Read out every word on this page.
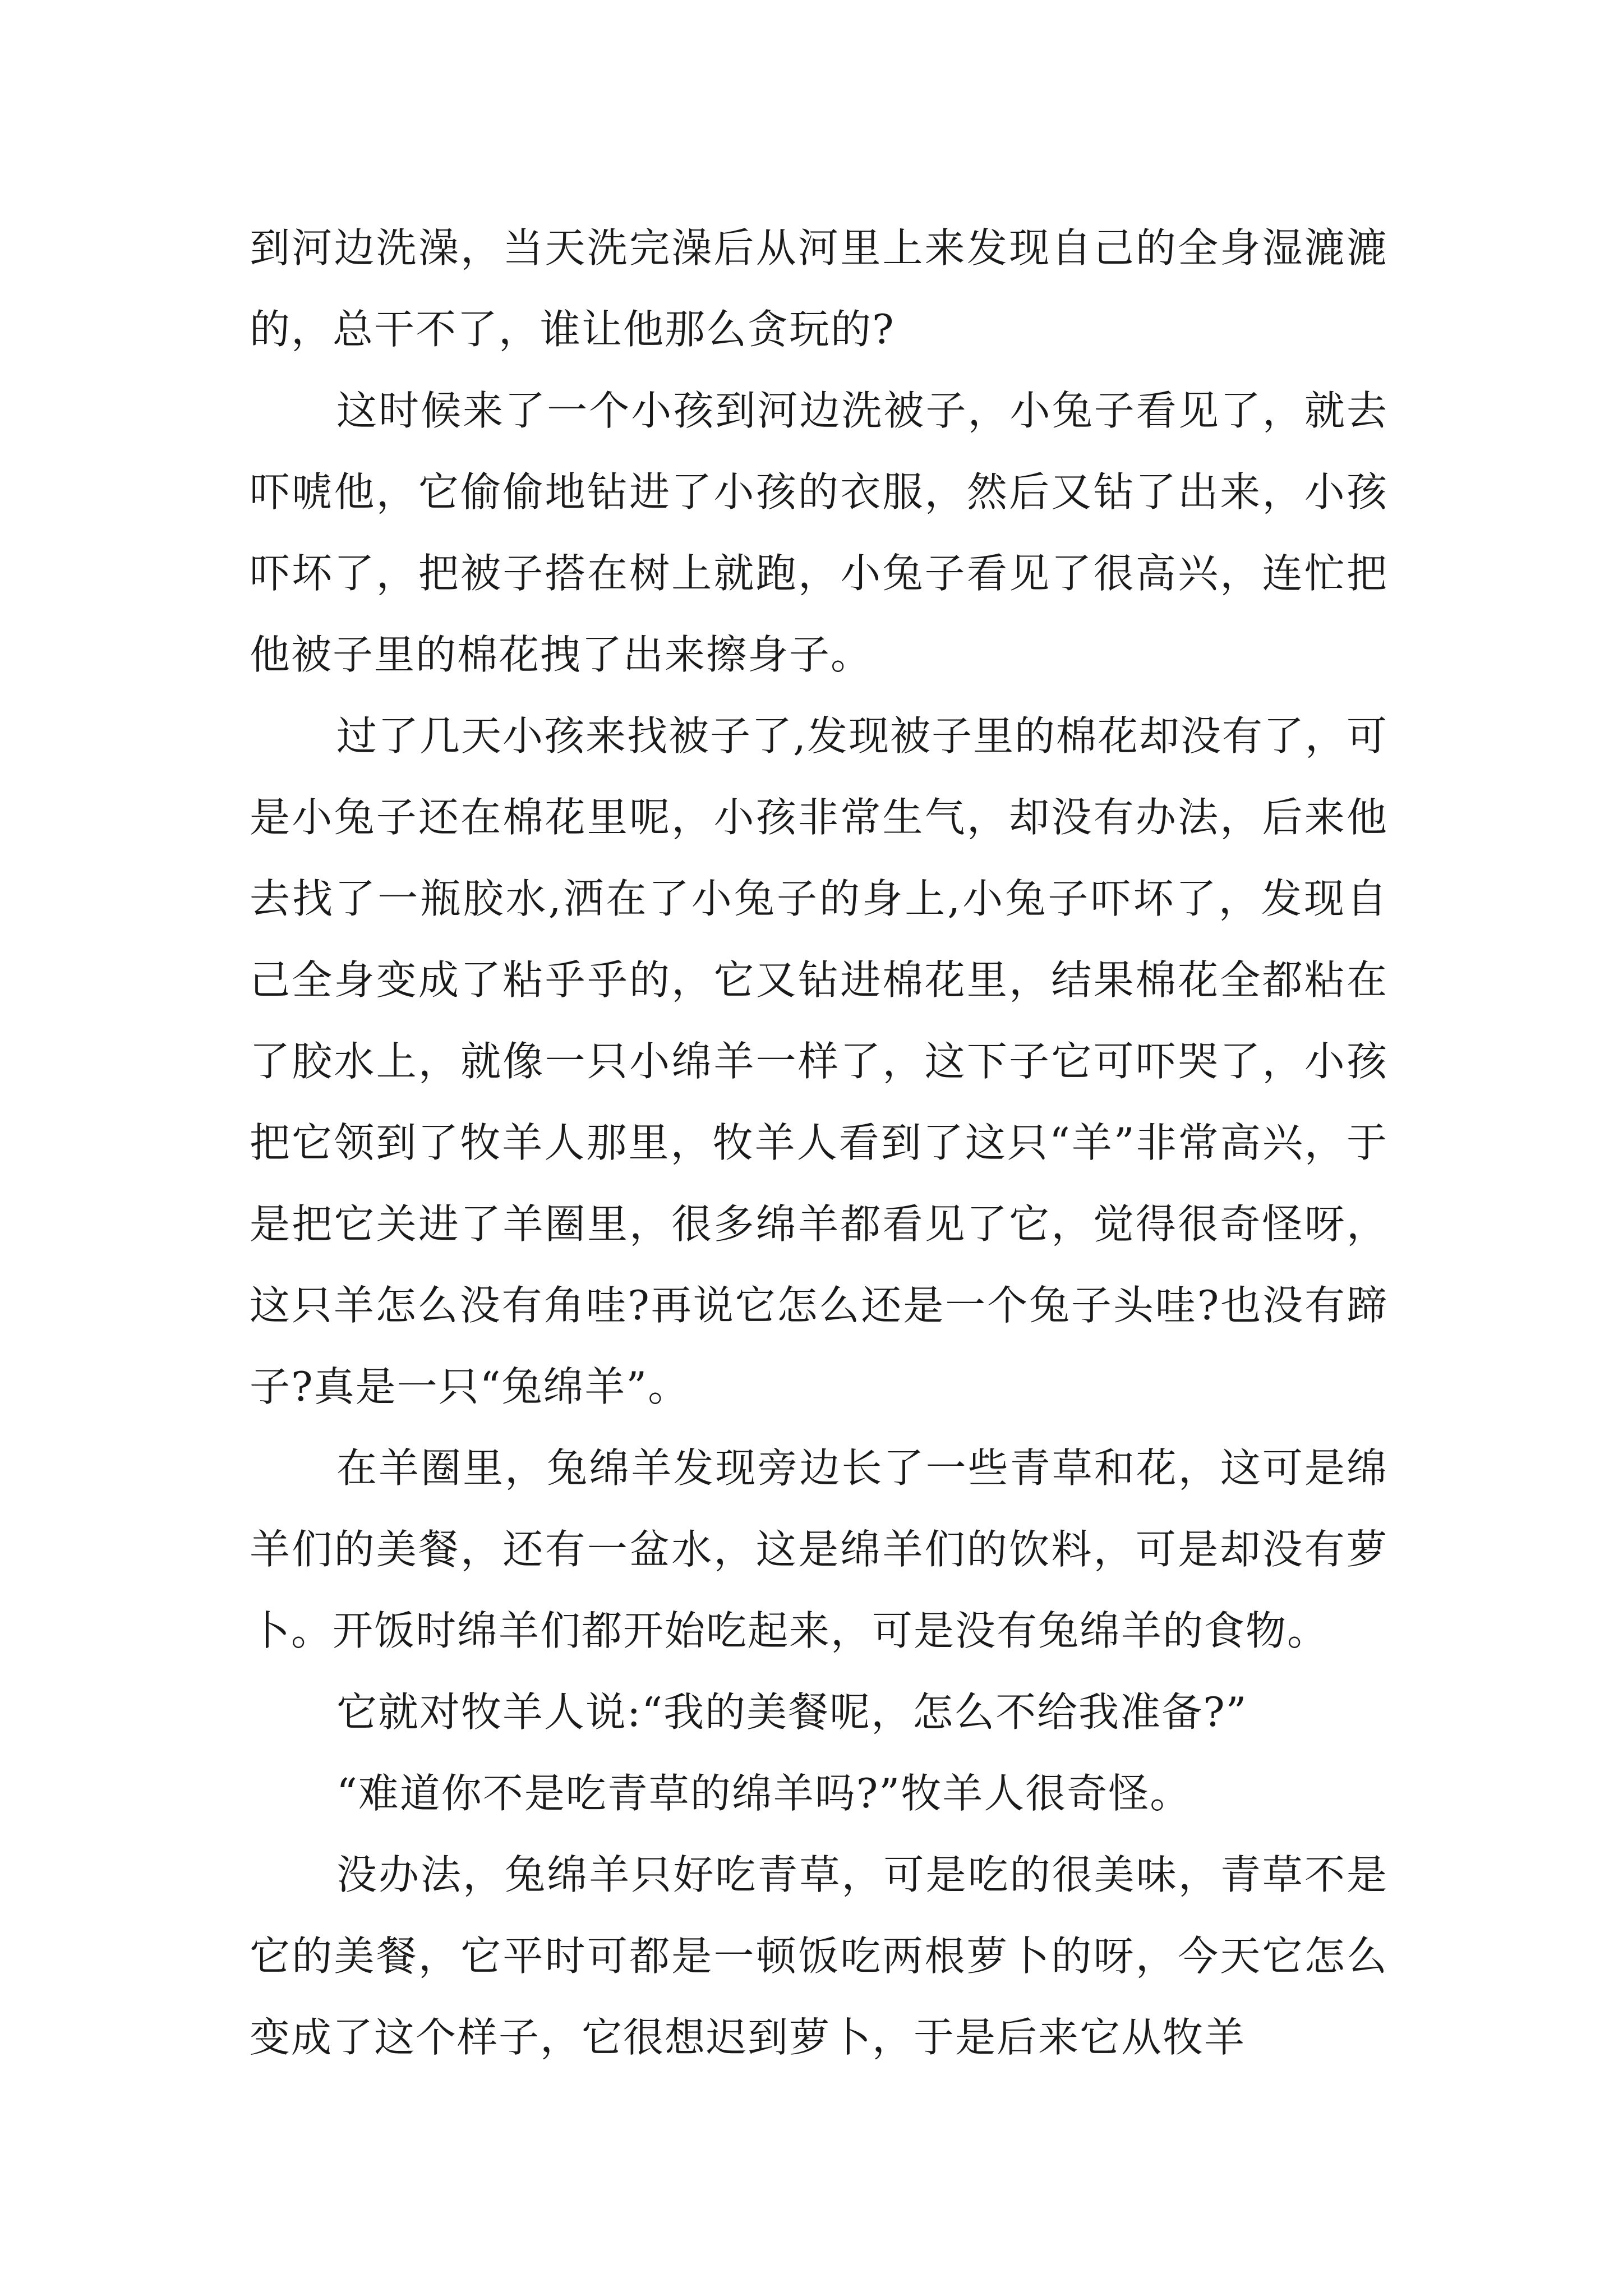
到河边洗澡，当天洗完澡后从河里上来发现自己的全身湿漉漉的，总干不了，谁让他那么贪玩的?

这时候来了一个小孩到河边洗被子，小兔子看见了，就去吓唬他，它偷偷地钻进了小孩的衣服，然后又钻了出来，小孩吓坏了，把被子搭在树上就跑，小兔子看见了很高兴，连忙把他被子里的棉花拽了出来擦身子。

过了几天小孩来找被子了,发现被子里的棉花却没有了，可是小兔子还在棉花里呢，小孩非常生气，却没有办法，后来他去找了一瓶胶水,洒在了小兔子的身上,小兔子吓坏了，发现自己全身变成了粘乎乎的，它又钻进棉花里，结果棉花全都粘在了胶水上，就像一只小绵羊一样了，这下子它可吓哭了，小孩把它领到了牧羊人那里，牧羊人看到了这只“羊”非常高兴，于是把它关进了羊圈里，很多绵羊都看见了它，觉得很奇怪呀，这只羊怎么没有角哇?再说它怎么还是一个兔子头哇?也没有蹄子?真是一只“兔绵羊”。

在羊圈里，兔绵羊发现旁边长了一些青草和花，这可是绵羊们的美餐，还有一盆水，这是绵羊们的饮料，可是却没有萝卜。开饭时绵羊们都开始吃起来，可是没有兔绵羊的食物。

它就对牧羊人说:“我的美餐呢，怎么不给我准备?”

“难道你不是吃青草的绵羊吗?”牧羊人很奇怪。

没办法，兔绵羊只好吃青草，可是吃的很美味，青草不是它的美餐，它平时可都是一顿饭吃两根萝卜的呀，今天它怎么变成了这个样子，它很想迟到萝卜，于是后来它从牧羊
